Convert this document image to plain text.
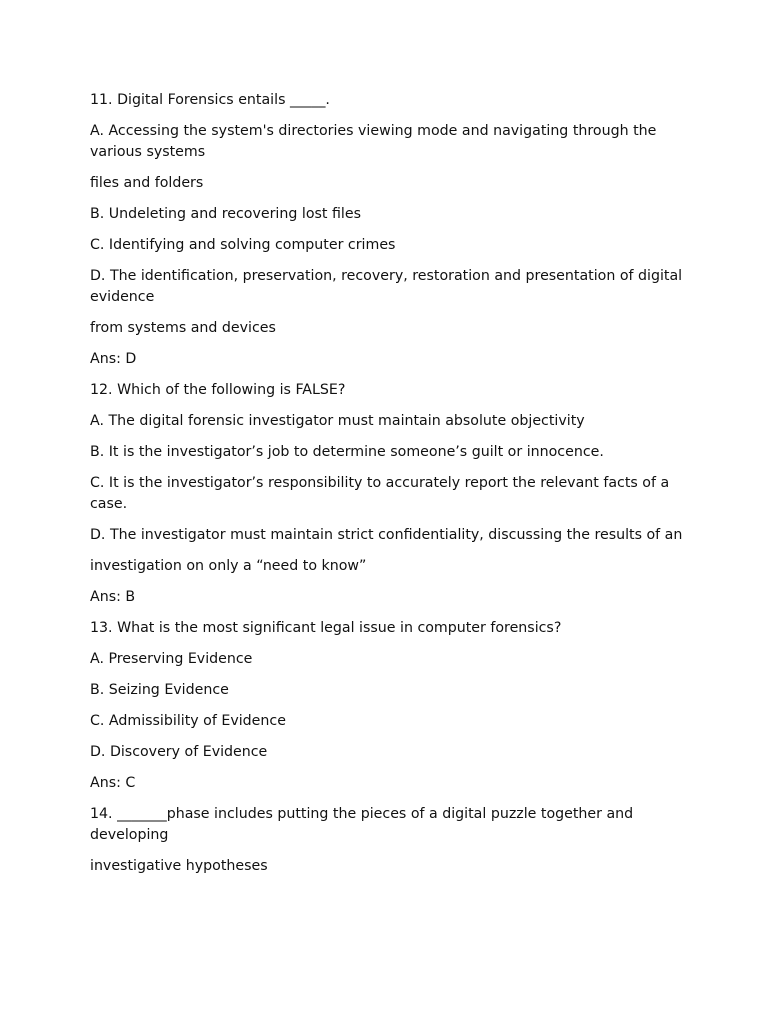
11. Digital Forensics entails _____.

A. Accessing the system's directories viewing mode and navigating through the various systems

files and folders

B. Undeleting and recovering lost files

C. Identifying and solving computer crimes

D. The identification, preservation, recovery, restoration and presentation of digital evidence

from systems and devices

Ans: D

12. Which of the following is FALSE?

A. The digital forensic investigator must maintain absolute objectivity

B. It is the investigator’s job to determine someone’s guilt or innocence.

C. It is the investigator’s responsibility to accurately report the relevant facts of a case.

D. The investigator must maintain strict confidentiality, discussing the results of an

investigation on only a “need to know”

Ans: B

13. What is the most significant legal issue in computer forensics?

A. Preserving Evidence

B. Seizing Evidence

C. Admissibility of Evidence

D. Discovery of Evidence

Ans: C

14. _______phase includes putting the pieces of a digital puzzle together and developing

investigative hypotheses
